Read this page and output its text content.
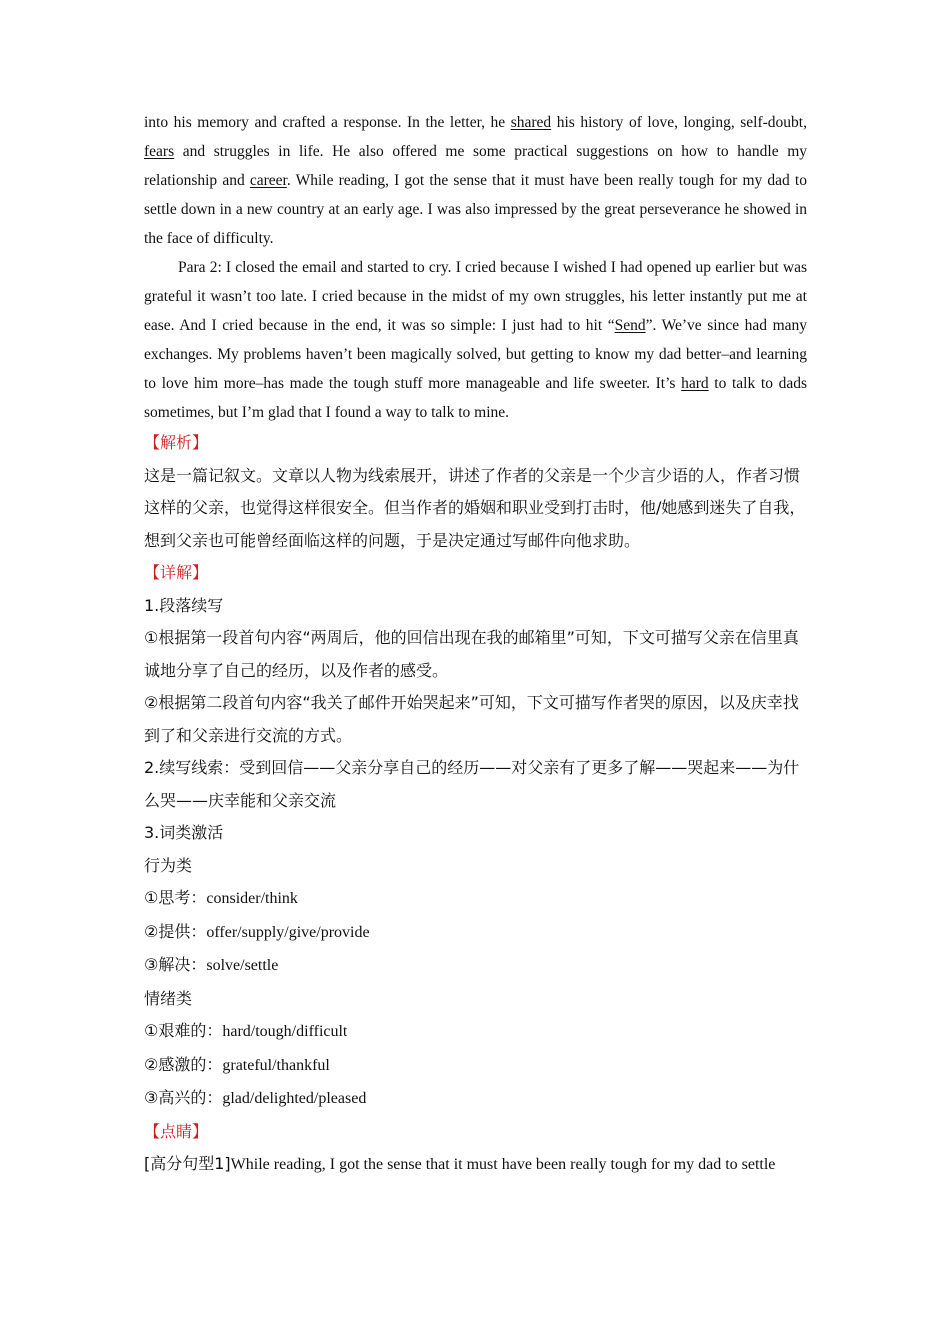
into his memory and crafted a response. In the letter, he shared his history of love, longing, self-doubt, fears and struggles in life. He also offered me some practical suggestions on how to handle my relationship and career. While reading, I got the sense that it must have been really tough for my dad to settle down in a new country at an early age. I was also impressed by the great perseverance he showed in the face of difficulty.

Para 2: I closed the email and started to cry. I cried because I wished I had opened up earlier but was grateful it wasn’t too late. I cried because in the midst of my own struggles, his letter instantly put me at ease. And I cried because in the end, it was so simple: I just had to hit “Send”. We’ve since had many exchanges. My problems haven’t been magically solved, but getting to know my dad better–and learning to love him more–has made the tough stuff more manageable and life sweeter. It’s hard to talk to dads sometimes, but I’m glad that I found a way to talk to mine.

【解析】

这是一篇记叙文。文章以人物为线索展开，讲述了作者的父亲是一个少言少语的人，作者习惯这样的父亲，也觉得这样很安全。但当作者的婚姻和职业受到打击时，他/她感到迷失了自我，想到父亲也可能曾经面临这样的问题，于是决定通过写邮件向他求助。

【详解】

1.段落续写

①根据第一段首句内容“两周后，他的回信出现在我的邮箱里”可知，下文可描写父亲在信里真诚地分享了自己的经历，以及作者的感受。

②根据第二段首句内容“我关了邮件开始哭起来”可知，下文可描写作者哭的原因，以及庆幸找到了和父亲进行交流的方式。

2.续写线索：受到回信——父亲分享自己的经历——对父亲有了更多了解——哭起来——为什么哭——庆幸能和父亲交流

3.词类激活

行为类

①思考：consider/think

②提供：offer/supply/give/provide

③解决：solve/settle

情绪类

①艰难的：hard/tough/difficult

②感激的：grateful/thankful

③高兴的：glad/delighted/pleased

【点睛】

[高分句型1]While reading, I got the sense that it must have been really tough for my dad to settle
